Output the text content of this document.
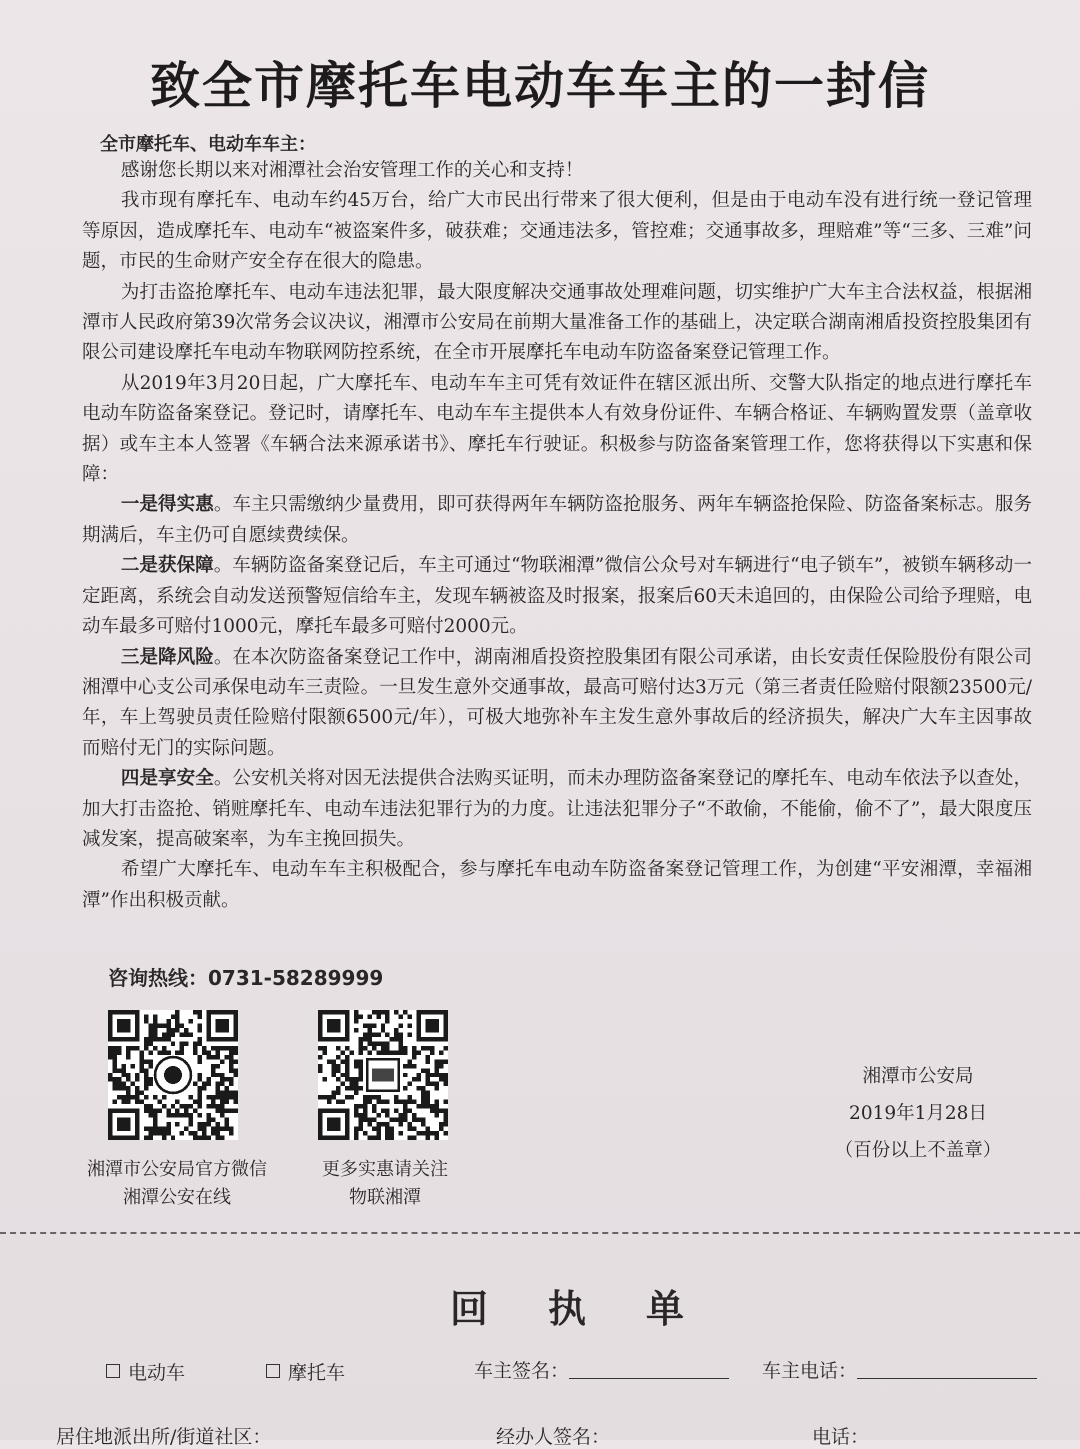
致全市摩托车电动车车主的一封信
全市摩托车、电动车车主：

感谢您长期以来对湘潭社会治安管理工作的关心和支持！

我市现有摩托车、电动车约45万台，给广大市民出行带来了很大便利，但是由于电动车没有进行统一登记管理等原因，造成摩托车、电动车“被盗案件多，破获难；交通违法多，管控难；交通事故多，理赔难”等“三多、三难”问题，市民的生命财产安全存在很大的隐患。

为打击盗抢摩托车、电动车违法犯罪，最大限度解决交通事故处理难问题，切实维护广大车主合法权益，根据湘潭市人民政府第39次常务会议决议，湘潭市公安局在前期大量准备工作的基础上，决定联合湖南湘盾投资控股集团有限公司建设摩托车电动车物联网防控系统，在全市开展摩托车电动车防盗备案登记管理工作。

从2019年3月20日起，广大摩托车、电动车车主可凭有效证件在辖区派出所、交警大队指定的地点进行摩托车电动车防盗备案登记。登记时，请摩托车、电动车车主提供本人有效身份证件、车辆合格证、车辆购置发票（盖章收据）或车主本人签署《车辆合法来源承诺书》、摩托车行驶证。积极参与防盗备案管理工作，您将获得以下实惠和保障：

一是得实惠。车主只需缴纳少量费用，即可获得两年车辆防盗抢服务、两年车辆盗抢保险、防盗备案标志。服务期满后，车主仍可自愿续费续保。

二是获保障。车辆防盗备案登记后，车主可通过“物联湘潭”微信公众号对车辆进行“电子锁车”，被锁车辆移动一定距离，系统会自动发送预警短信给车主，发现车辆被盗及时报案，报案后60天未追回的，由保险公司给予理赔，电动车最多可赔付1000元，摩托车最多可赔付2000元。

三是降风险。在本次防盗备案登记工作中，湖南湘盾投资控股集团有限公司承诺，由长安责任保险股份有限公司湘潭中心支公司承保电动车三责险。一旦发生意外交通事故，最高可赔付达3万元（第三者责任险赔付限额23500元/年，车上驾驶员责任险赔付限额6500元/年），可极大地弥补车主发生意外事故后的经济损失，解决广大车主因事故而赔付无门的实际问题。

四是享安全。公安机关将对因无法提供合法购买证明，而未办理防盗备案登记的摩托车、电动车依法予以查处，加大打击盗抢、销赃摩托车、电动车违法犯罪行为的力度。让违法犯罪分子“不敢偷，不能偷，偷不了”，最大限度压减发案，提高破案率，为车主挽回损失。

希望广大摩托车、电动车车主积极配合，参与摩托车电动车防盗备案登记管理工作，为创建“平安湘潭，幸福湘潭”作出积极贡献。

咨询热线：0731-58289999
湘潭市公安局官方微信
湘潭公安在线
更多实惠请关注
物联湘潭
湘潭市公安局
2019年1月28日
（百份以上不盖章）
回执单
电动车	摩托车	车主签名：	车主电话：
居住地派出所/街道社区：	经办人签名：	电话：
